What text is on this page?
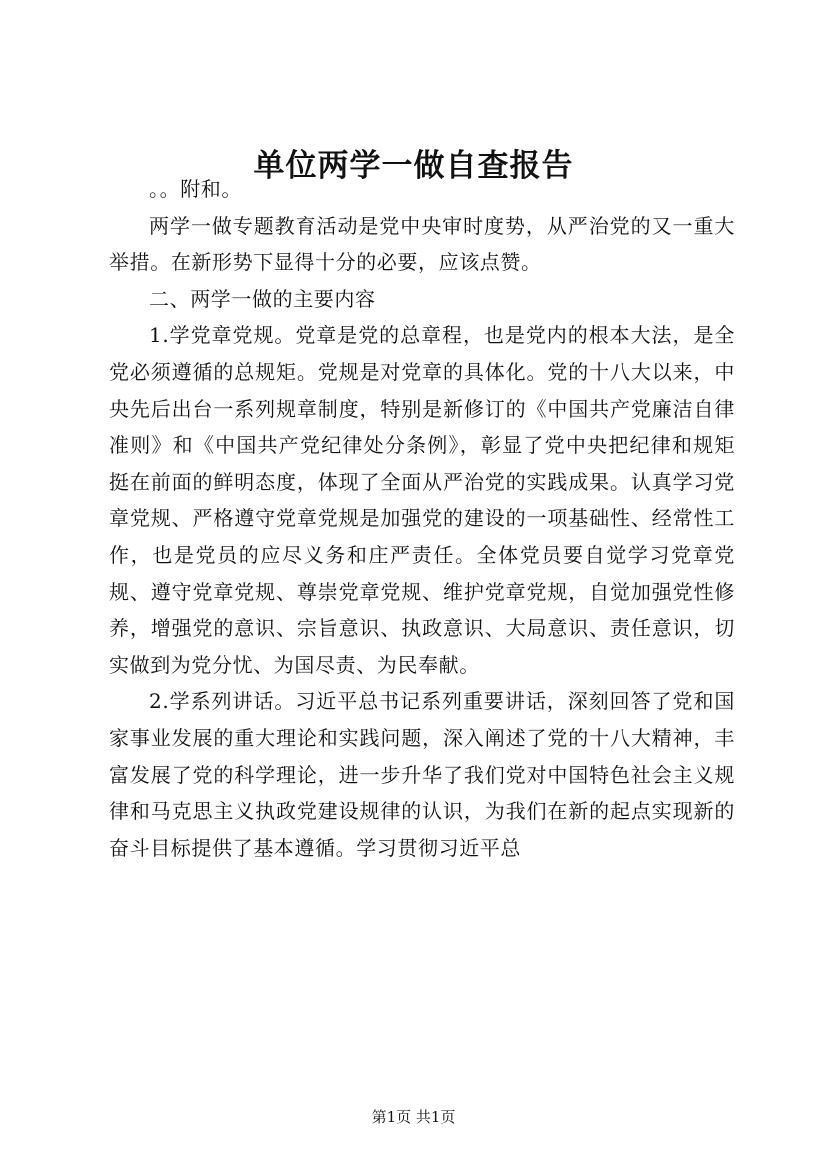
单位两学一做自查报告

。。附和。

两学一做专题教育活动是党中央审时度势，从严治党的又一重大举措。在新形势下显得十分的必要，应该点赞。

二、两学一做的主要内容

1.学党章党规。党章是党的总章程，也是党内的根本大法，是全党必须遵循的总规矩。党规是对党章的具体化。党的十八大以来，中央先后出台一系列规章制度，特别是新修订的《中国共产党廉洁自律准则》和《中国共产党纪律处分条例》，彰显了党中央把纪律和规矩挺在前面的鲜明态度，体现了全面从严治党的实践成果。认真学习党章党规、严格遵守党章党规是加强党的建设的一项基础性、经常性工作，也是党员的应尽义务和庄严责任。全体党员要自觉学习党章党规、遵守党章党规、尊崇党章党规、维护党章党规，自觉加强党性修养，增强党的意识、宗旨意识、执政意识、大局意识、责任意识，切实做到为党分忧、为国尽责、为民奉献。

2.学系列讲话。习近平总书记系列重要讲话，深刻回答了党和国家事业发展的重大理论和实践问题，深入阐述了党的十八大精神，丰富发展了党的科学理论，进一步升华了我们党对中国特色社会主义规律和马克思主义执政党建设规律的认识，为我们在新的起点实现新的奋斗目标提供了基本遵循。学习贯彻习近平总

第1页 共1页
